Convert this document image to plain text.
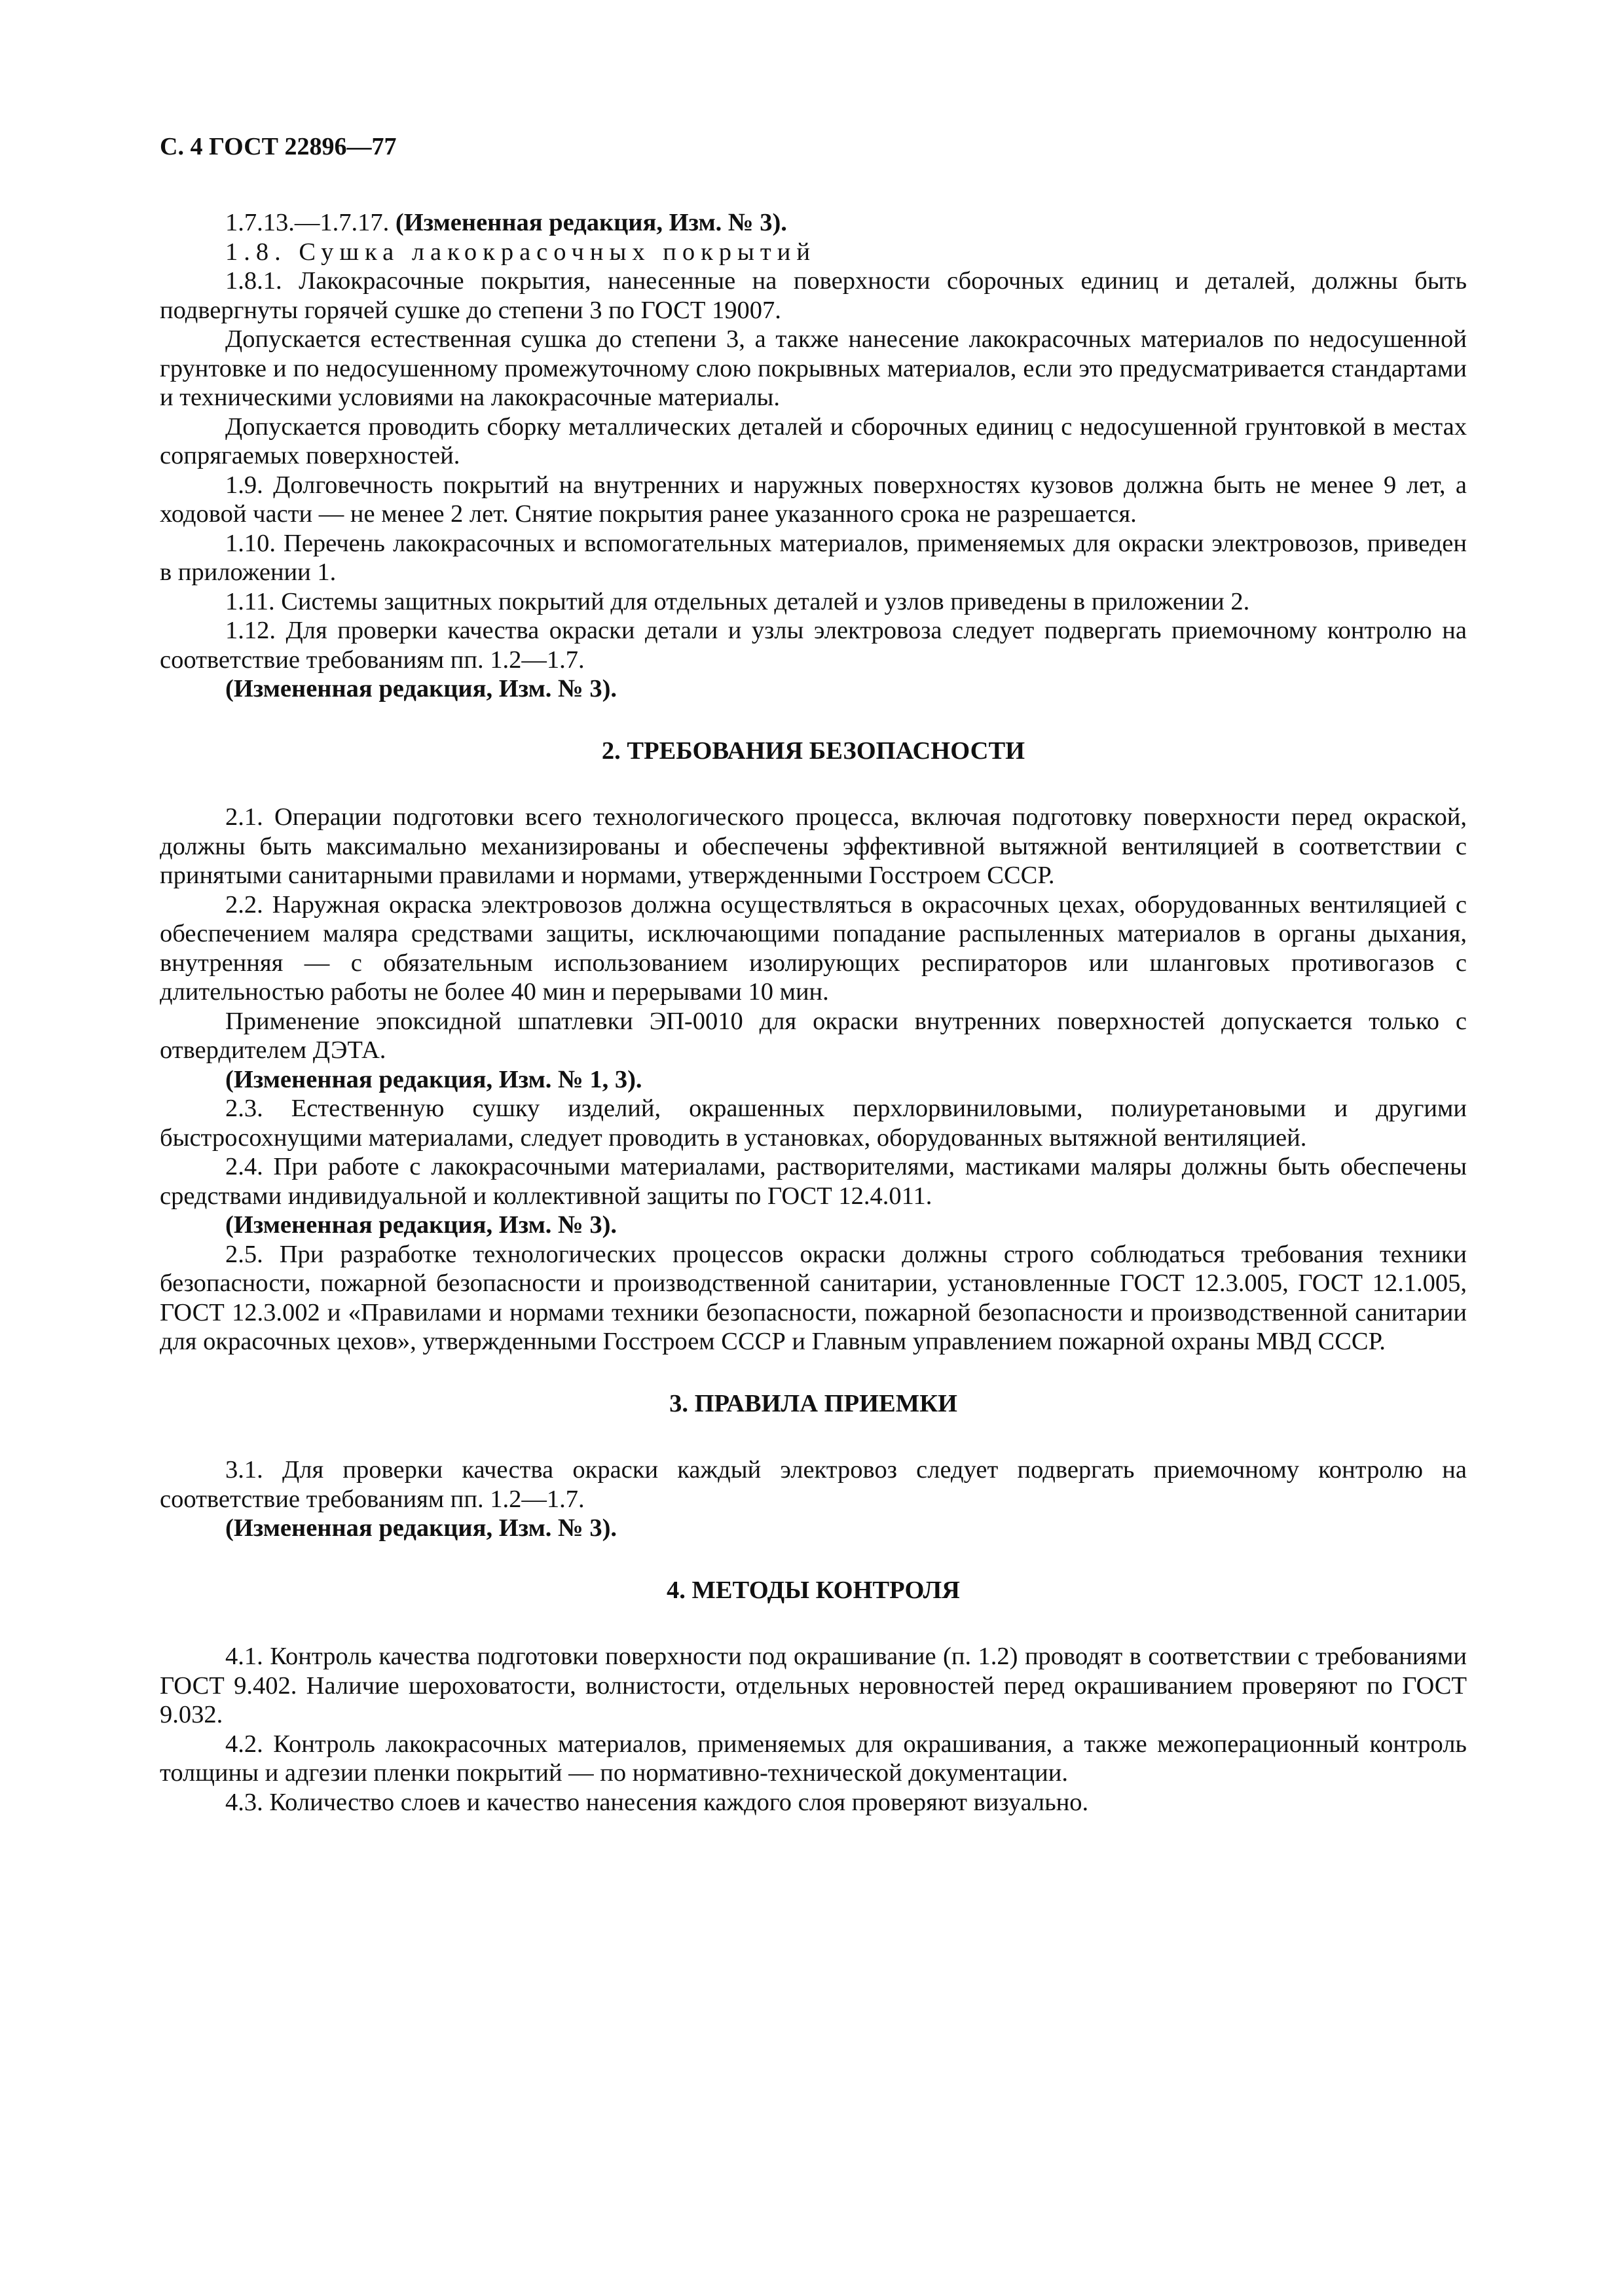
С. 4 ГОСТ 22896—77

1.7.13.—1.7.17. (Измененная редакция, Изм. № 3).

1.8. Сушка лакокрасочных покрытий

1.8.1. Лакокрасочные покрытия, нанесенные на поверхности сборочных единиц и деталей, должны быть подвергнуты горячей сушке до степени 3 по ГОСТ 19007.

Допускается естественная сушка до степени 3, а также нанесение лакокрасочных материалов по недосушенной грунтовке и по недосушенному промежуточному слою покрывных материалов, если это предусматривается стандартами и техническими условиями на лакокрасочные материалы.

Допускается проводить сборку металлических деталей и сборочных единиц с недосушенной грунтовкой в местах сопрягаемых поверхностей.

1.9. Долговечность покрытий на внутренних и наружных поверхностях кузовов должна быть не менее 9 лет, а ходовой части — не менее 2 лет. Снятие покрытия ранее указанного срока не разрешается.

1.10. Перечень лакокрасочных и вспомогательных материалов, применяемых для окраски электровозов, приведен в приложении 1.

1.11. Системы защитных покрытий для отдельных деталей и узлов приведены в приложении 2.

1.12. Для проверки качества окраски детали и узлы электровоза следует подвергать приемочному контролю на соответствие требованиям пп. 1.2—1.7.

(Измененная редакция, Изм. № 3).

2. ТРЕБОВАНИЯ БЕЗОПАСНОСТИ

2.1. Операции подготовки всего технологического процесса, включая подготовку поверхности перед окраской, должны быть максимально механизированы и обеспечены эффективной вытяжной вентиляцией в соответствии с принятыми санитарными правилами и нормами, утвержденными Госстроем СССР.

2.2. Наружная окраска электровозов должна осуществляться в окрасочных цехах, оборудованных вентиляцией с обеспечением маляра средствами защиты, исключающими попадание распыленных материалов в органы дыхания, внутренняя — с обязательным использованием изолирующих респираторов или шланговых противогазов с длительностью работы не более 40 мин и перерывами 10 мин.

Применение эпоксидной шпатлевки ЭП-0010 для окраски внутренних поверхностей допускается только с отвердителем ДЭТА.

(Измененная редакция, Изм. № 1, 3).

2.3. Естественную сушку изделий, окрашенных перхлорвиниловыми, полиуретановыми и другими быстросохнущими материалами, следует проводить в установках, оборудованных вытяжной вентиляцией.

2.4. При работе с лакокрасочными материалами, растворителями, мастиками маляры должны быть обеспечены средствами индивидуальной и коллективной защиты по ГОСТ 12.4.011.

(Измененная редакция, Изм. № 3).

2.5. При разработке технологических процессов окраски должны строго соблюдаться требования техники безопасности, пожарной безопасности и производственной санитарии, установленные ГОСТ 12.3.005, ГОСТ 12.1.005, ГОСТ 12.3.002 и «Правилами и нормами техники безопасности, пожарной безопасности и производственной санитарии для окрасочных цехов», утвержденными Госстроем СССР и Главным управлением пожарной охраны МВД СССР.

3. ПРАВИЛА ПРИЕМКИ

3.1. Для проверки качества окраски каждый электровоз следует подвергать приемочному контролю на соответствие требованиям пп. 1.2—1.7.

(Измененная редакция, Изм. № 3).

4. МЕТОДЫ КОНТРОЛЯ

4.1. Контроль качества подготовки поверхности под окрашивание (п. 1.2) проводят в соответствии с требованиями ГОСТ 9.402. Наличие шероховатости, волнистости, отдельных неровностей перед окрашиванием проверяют по ГОСТ 9.032.

4.2. Контроль лакокрасочных материалов, применяемых для окрашивания, а также межоперационный контроль толщины и адгезии пленки покрытий — по нормативно-технической документации.

4.3. Количество слоев и качество нанесения каждого слоя проверяют визуально.
